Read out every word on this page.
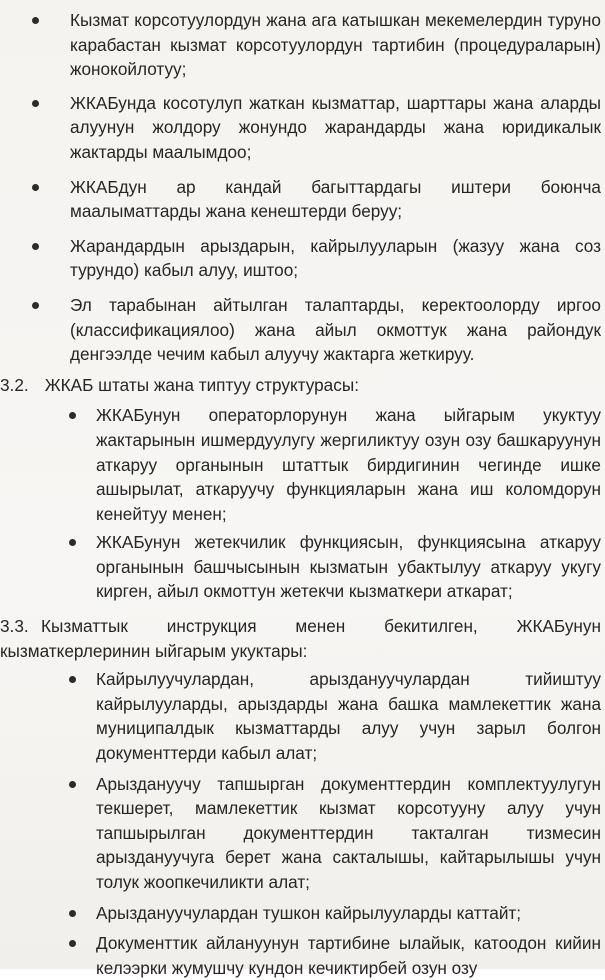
Кызмат корсотуулордун жана ага катышкан мекемелердин туруно карабастан кызмат корсотуулордун тартибин (процедураларын) жонокойлотуу;
ЖКАБунда косотулуп жаткан кызматтар, шарттары жана аларды алуунун жолдору жонундо жарандарды жана юридикалык жактарды маалымдоо;
ЖКАБдун ар кандай багыттардагы иштери боюнча маалыматтарды жана кенештерди беруу;
Жарандардын арыздарын, кайрылууларын (жазуу жана соз турундо) кабыл алуу, иштоо;
Эл тарабынан айтылган талаптарды, керектоолорду иргоо (классификациялоо) жана айыл окмоттук жана райондук денгээлде чечим кабыл алуучу жактарга жеткируу.
3.2. ЖКАБ штаты жана типтуу структурасы:
ЖКАБунун операторлорунун жана ыйгарым укуктуу жактарынын ишмердуулугу жергиликтуу озун озу башкаруунун аткаруу органынын штаттык бирдигинин чегинде ишке ашырылат, аткаруучу функцияларын жана иш коломдорун кенейтуу менен;
ЖКАБунун жетекчилик функциясын, функциясына аткаруу органынын башчысынын кызматын убактылуу аткаруу укугу кирген, айыл окмоттун жетекчи кызматкери аткарат;
3.3. Кызматтык инструкция менен бекитилген, ЖКАБунун кызматкерлеринин ыйгарым укуктары:
Кайрылуучулардан, арыздануучулардан тийиштуу кайрылууларды, арыздарды жана башка мамлекеттик жана муниципалдык кызматтарды алуу учун зарыл болгон документтерди кабыл алат;
Арыздануучу тапшырган документтердин комплектуулугун текшерет, мамлекеттик кызмат корсотууну алуу учун тапшырылган документтердин такталган тизмесин арыздануучуга берет жана сакталышы, кайтарылышы учун толук жоопкечиликти алат;
Арыздануучулардан тушкон кайрылууларды каттайт;
Документтик айлануунун тартибине ылайык, катоодон кийин келээрки жумушчу кундон кечиктирбей озун озу
